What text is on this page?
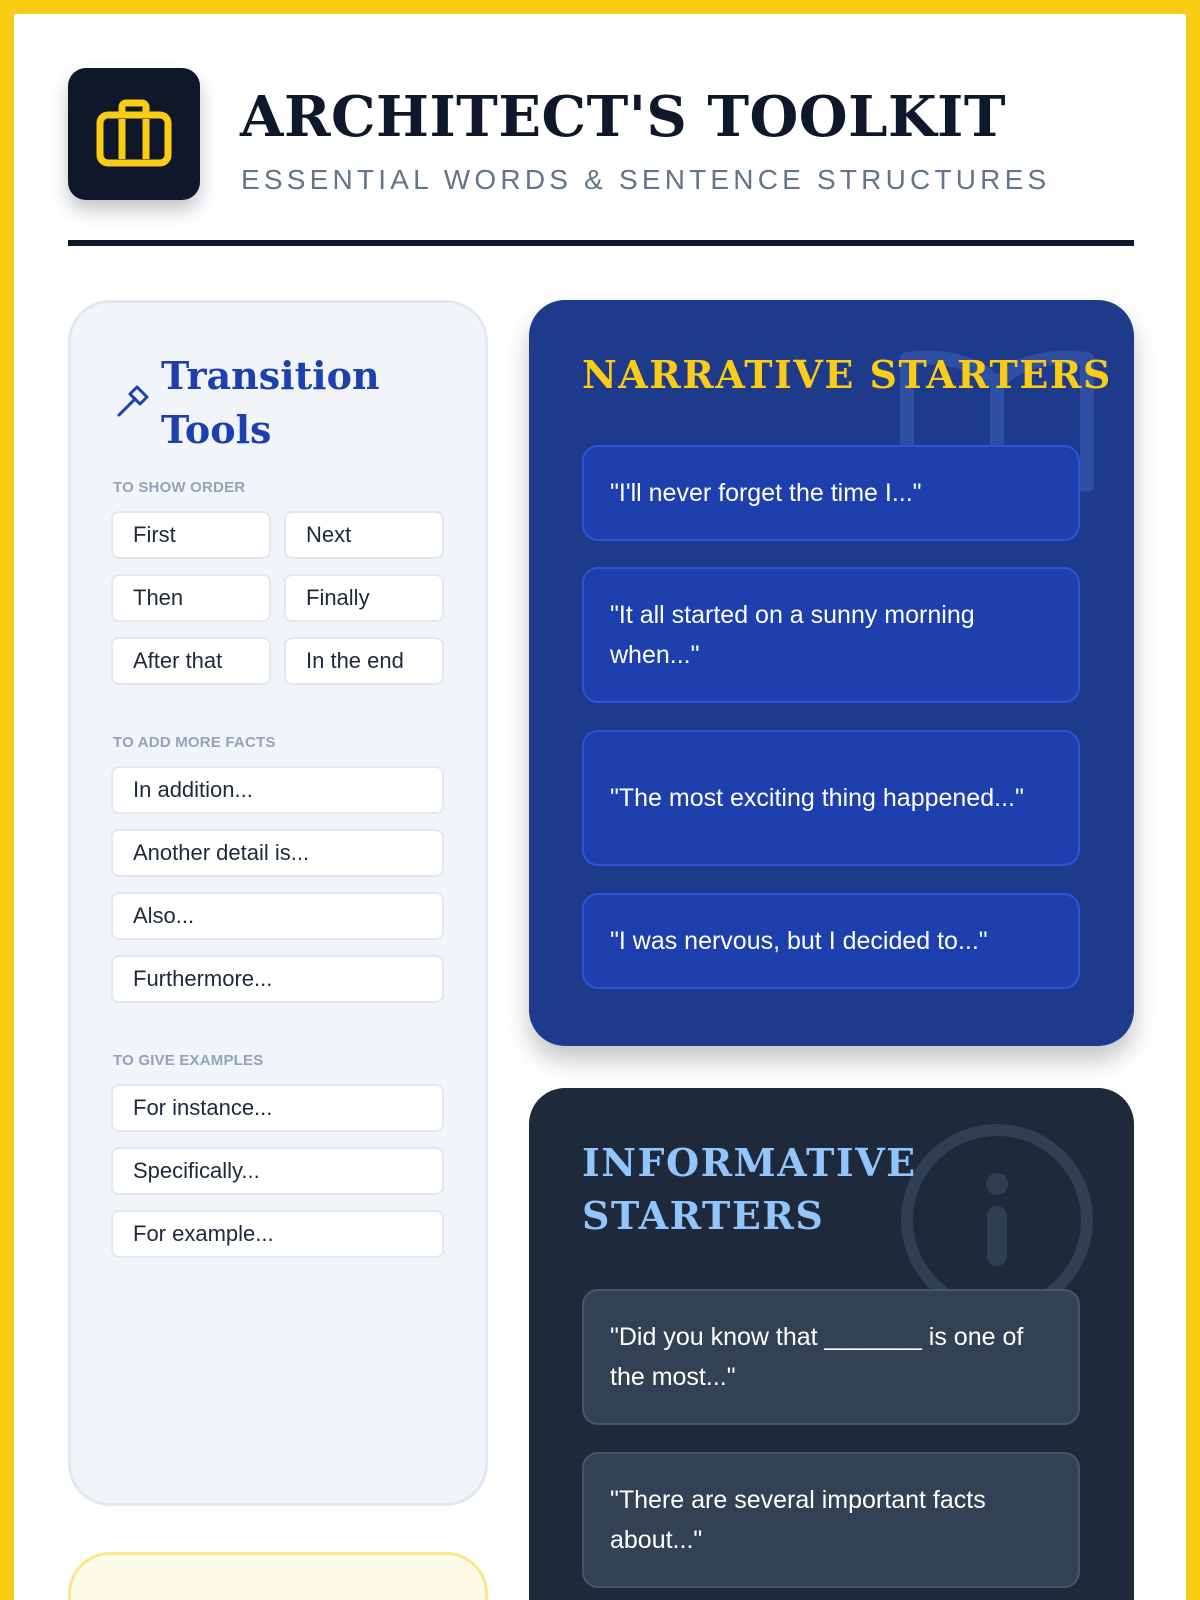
ARCHITECT'S TOOLKIT
ESSENTIAL WORDS & SENTENCE STRUCTURES
Transition Tools
TO SHOW ORDER
First	Next
Then	Finally
After that	In the end
TO ADD MORE FACTS
In addition...
Another detail is...
Also...
Furthermore...
TO GIVE EXAMPLES
For instance...
Specifically...
For example...
NARRATIVE STARTERS
"I'll never forget the time I..."
"It all started on a sunny morning when..."
"The most exciting thing happened..."
"I was nervous, but I decided to..."
INFORMATIVE STARTERS
"Did you know that _______ is one of the most..."
"There are several important facts about..."
